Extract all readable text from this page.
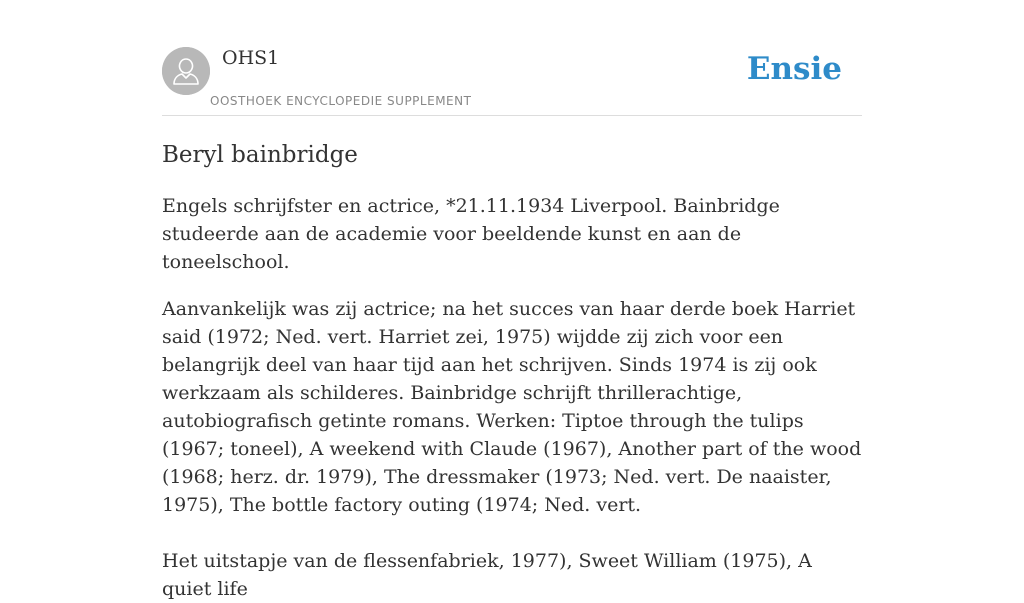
OHS1
OOSTHOEK ENCYCLOPEDIE SUPPLEMENT
Ensie
Beryl bainbridge

Engels schrijfster en actrice, *21.11.1934 Liverpool. Bainbridge studeerde aan de academie voor beeldende kunst en aan de toneelschool.

Aanvankelijk was zij actrice; na het succes van haar derde boek Harriet said (1972; Ned. vert. Harriet zei, 1975) wijdde zij zich voor een belangrijk deel van haar tijd aan het schrijven. Sinds 1974 is zij ook werkzaam als schilderes. Bainbridge schrijft thrillerachtige, autobiografisch getinte romans. Werken: Tiptoe through the tulips (1967; toneel), A weekend with Claude (1967), Another part of the wood (1968; herz. dr. 1979), The dressmaker (1973; Ned. vert. De naaister, 1975), The bottle factory outing (1974; Ned. vert.

Het uitstapje van de flessenfabriek, 1977), Sweet William (1975), A quiet life
